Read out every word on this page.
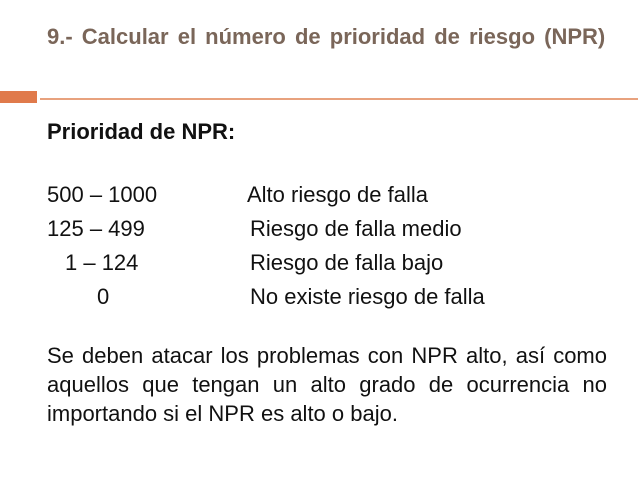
9.- Calcular el número de prioridad de riesgo (NPR)
Prioridad de NPR:
500 – 1000	Alto riesgo de falla
125 – 499	Riesgo de falla medio
1 – 124	Riesgo de falla bajo
0	No existe riesgo de falla
Se deben atacar los problemas con NPR alto, así como aquellos que tengan un alto grado de ocurrencia no importando si el NPR es alto o bajo.
